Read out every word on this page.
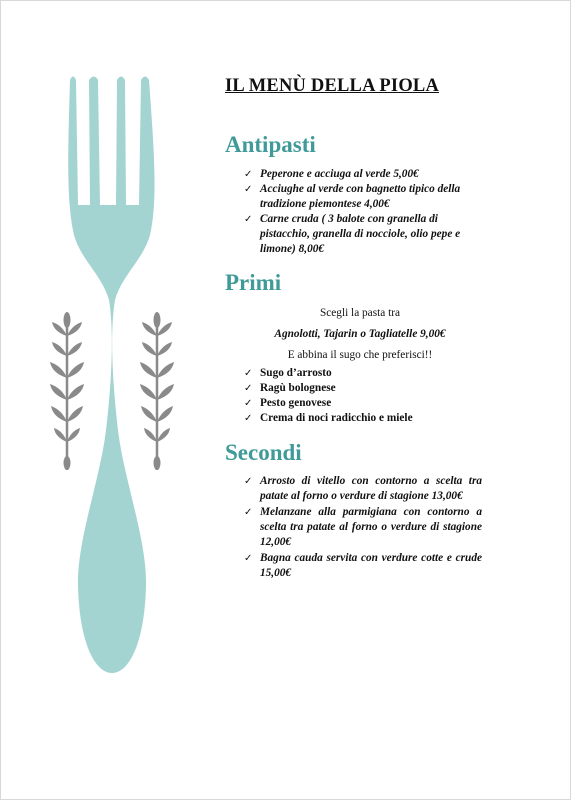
IL MENÙ DELLA PIOLA
Antipasti
✓ Peperone e acciuga al verde 5,00€
✓ Acciughe al verde con bagnetto tipico della tradizione piemontese 4,00€
✓ Carne cruda ( 3 balote con granella di pistacchio, granella di nocciole, olio pepe e limone) 8,00€
Primi
Scegli la pasta tra
Agnolotti, Tajarin o Tagliatelle 9,00€
E abbina il sugo che preferisci!!
✓ Sugo d’arrosto
✓ Ragù bolognese
✓ Pesto genovese
✓ Crema di noci radicchio e miele
Secondi
✓ Arrosto di vitello con contorno a scelta tra patate al forno o verdure di stagione 13,00€
✓ Melanzane alla parmigiana con contorno a scelta tra patate al forno o verdure di stagione 12,00€
✓ Bagna cauda servita con verdure cotte e crude 15,00€
